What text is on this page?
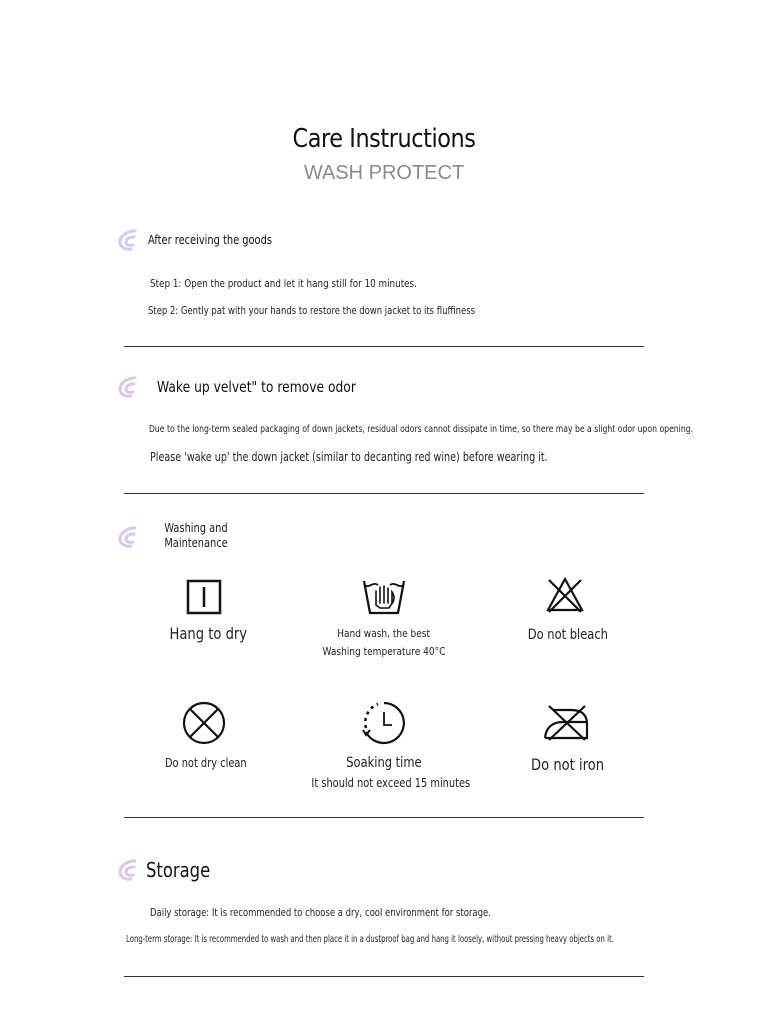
Care Instructions
WASH PROTECT
After receiving the goods
Step 1: Open the product and let it hang still for 10 minutes.
Step 2: Gently pat with your hands to restore the down jacket to its fluffiness
Wake up velvet" to remove odor
Due to the long-term sealed packaging of down jackets, residual odors cannot dissipate in time, so there may be a slight odor upon opening.
Please 'wake up' the down jacket (similar to decanting red wine) before wearing it.
Washing and
Maintenance
Hang to dry	Hand wash, the best
Washing temperature 40°C
Do not bleach
Do not dry clean	Soaking time
It should not exceed 15 minutes
Do not iron
Storage
Daily storage: It is recommended to choose a dry, cool environment for storage.
Long-term storage: It is recommended to wash and then place it in a dustproof bag and hang it loosely, without pressing heavy objects on it.
